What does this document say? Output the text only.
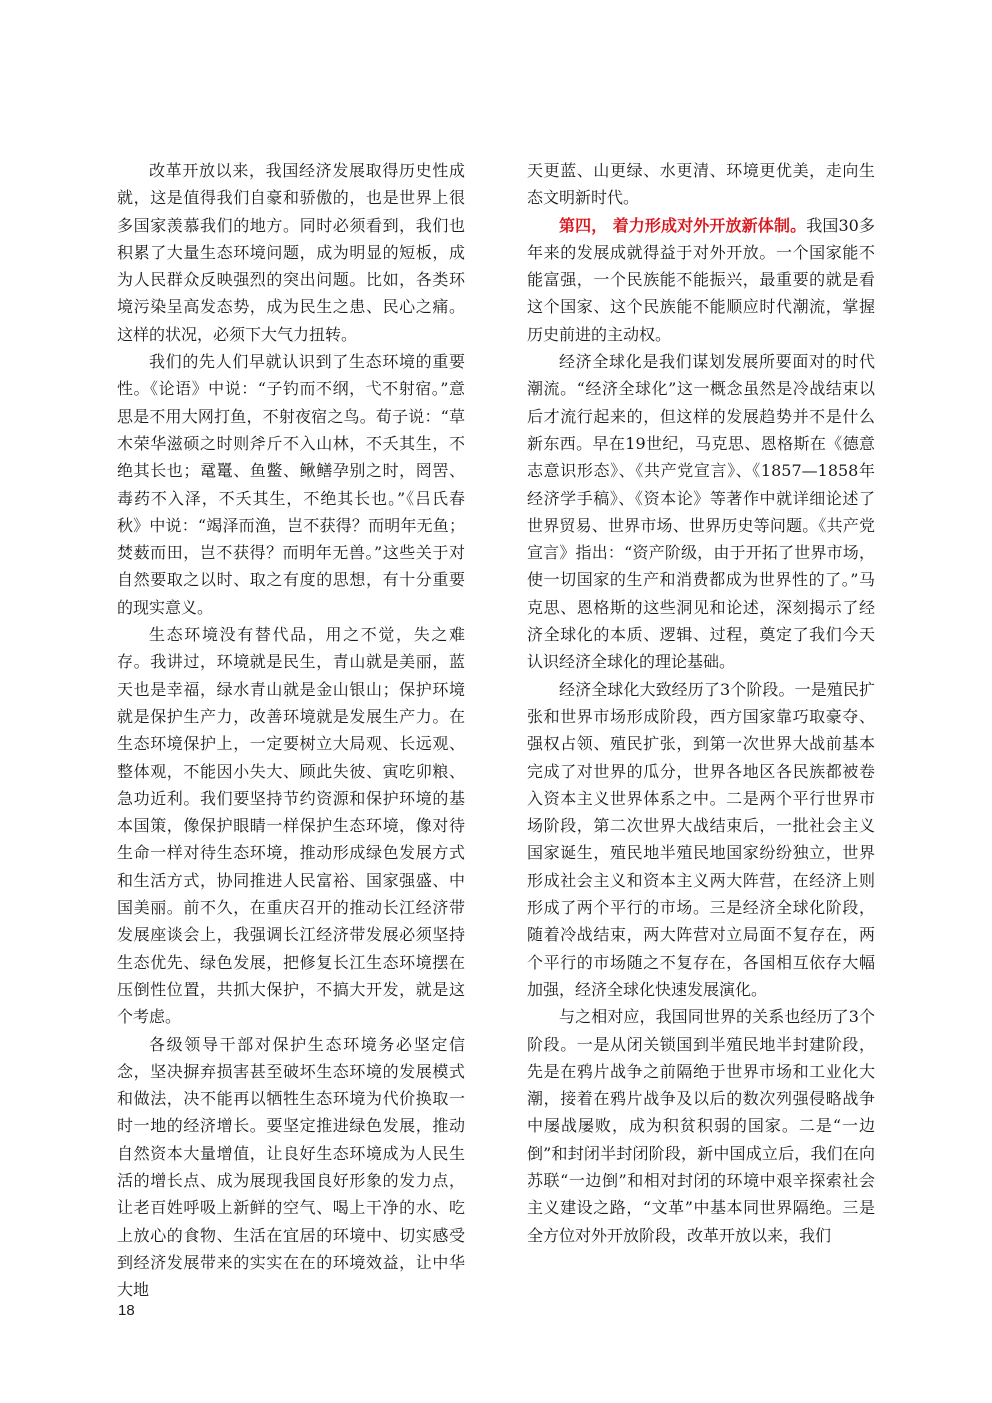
改革开放以来，我国经济发展取得历史性成就，这是值得我们自豪和骄傲的，也是世界上很多国家羡慕我们的地方。同时必须看到，我们也积累了大量生态环境问题，成为明显的短板，成为人民群众反映强烈的突出问题。比如，各类环境污染呈高发态势，成为民生之患、民心之痛。这样的状况，必须下大气力扭转。

我们的先人们早就认识到了生态环境的重要性。《论语》中说：“子钓而不纲，弋不射宿。”意思是不用大网打鱼，不射夜宿之鸟。荀子说：“草木荣华滋硕之时则斧斤不入山林，不夭其生，不绝其长也；鼋鼍、鱼鳖、鳅鳝孕别之时，罔罟、毒药不入泽，不夭其生，不绝其长也。”《吕氏春秋》中说：“竭泽而渔，岂不获得？而明年无鱼；焚薮而田，岂不获得？而明年无兽。”这些关于对自然要取之以时、取之有度的思想，有十分重要的现实意义。

生态环境没有替代品，用之不觉，失之难存。我讲过，环境就是民生，青山就是美丽，蓝天也是幸福，绿水青山就是金山银山；保护环境就是保护生产力，改善环境就是发展生产力。在生态环境保护上，一定要树立大局观、长远观、整体观，不能因小失大、顾此失彼、寅吃卯粮、急功近利。我们要坚持节约资源和保护环境的基本国策，像保护眼睛一样保护生态环境，像对待生命一样对待生态环境，推动形成绿色发展方式和生活方式，协同推进人民富裕、国家强盛、中国美丽。前不久，在重庆召开的推动长江经济带发展座谈会上，我强调长江经济带发展必须坚持生态优先、绿色发展，把修复长江生态环境摆在压倒性位置，共抓大保护，不搞大开发，就是这个考虑。

各级领导干部对保护生态环境务必坚定信念，坚决摒弃损害甚至破坏生态环境的发展模式和做法，决不能再以牺牲生态环境为代价换取一时一地的经济增长。要坚定推进绿色发展，推动自然资本大量增值，让良好生态环境成为人民生活的增长点、成为展现我国良好形象的发力点，让老百姓呼吸上新鲜的空气、喝上干净的水、吃上放心的食物、生活在宜居的环境中、切实感受到经济发展带来的实实在在的环境效益，让中华大地

天更蓝、山更绿、水更清、环境更优美，走向生态文明新时代。

第四， 着力形成对外开放新体制。我国30多年来的发展成就得益于对外开放。一个国家能不能富强，一个民族能不能振兴，最重要的就是看这个国家、这个民族能不能顺应时代潮流，掌握历史前进的主动权。

经济全球化是我们谋划发展所要面对的时代潮流。“经济全球化”这一概念虽然是冷战结束以后才流行起来的，但这样的发展趋势并不是什么新东西。早在19世纪，马克思、恩格斯在《德意志意识形态》、《共产党宣言》、《1857—1858年经济学手稿》、《资本论》等著作中就详细论述了世界贸易、世界市场、世界历史等问题。《共产党宣言》指出：“资产阶级，由于开拓了世界市场，使一切国家的生产和消费都成为世界性的了。”马克思、恩格斯的这些洞见和论述，深刻揭示了经济全球化的本质、逻辑、过程，奠定了我们今天认识经济全球化的理论基础。

经济全球化大致经历了3个阶段。一是殖民扩张和世界市场形成阶段，西方国家靠巧取豪夺、强权占领、殖民扩张，到第一次世界大战前基本完成了对世界的瓜分，世界各地区各民族都被卷入资本主义世界体系之中。二是两个平行世界市场阶段，第二次世界大战结束后，一批社会主义国家诞生，殖民地半殖民地国家纷纷独立，世界形成社会主义和资本主义两大阵营，在经济上则形成了两个平行的市场。三是经济全球化阶段，随着冷战结束，两大阵营对立局面不复存在，两个平行的市场随之不复存在，各国相互依存大幅加强，经济全球化快速发展演化。

与之相对应，我国同世界的关系也经历了3个阶段。一是从闭关锁国到半殖民地半封建阶段，先是在鸦片战争之前隔绝于世界市场和工业化大潮，接着在鸦片战争及以后的数次列强侵略战争中屡战屡败，成为积贫积弱的国家。二是“一边倒”和封闭半封闭阶段，新中国成立后，我们在向苏联“一边倒”和相对封闭的环境中艰辛探索社会主义建设之路，“文革”中基本同世界隔绝。三是全方位对外开放阶段，改革开放以来，我们

18
